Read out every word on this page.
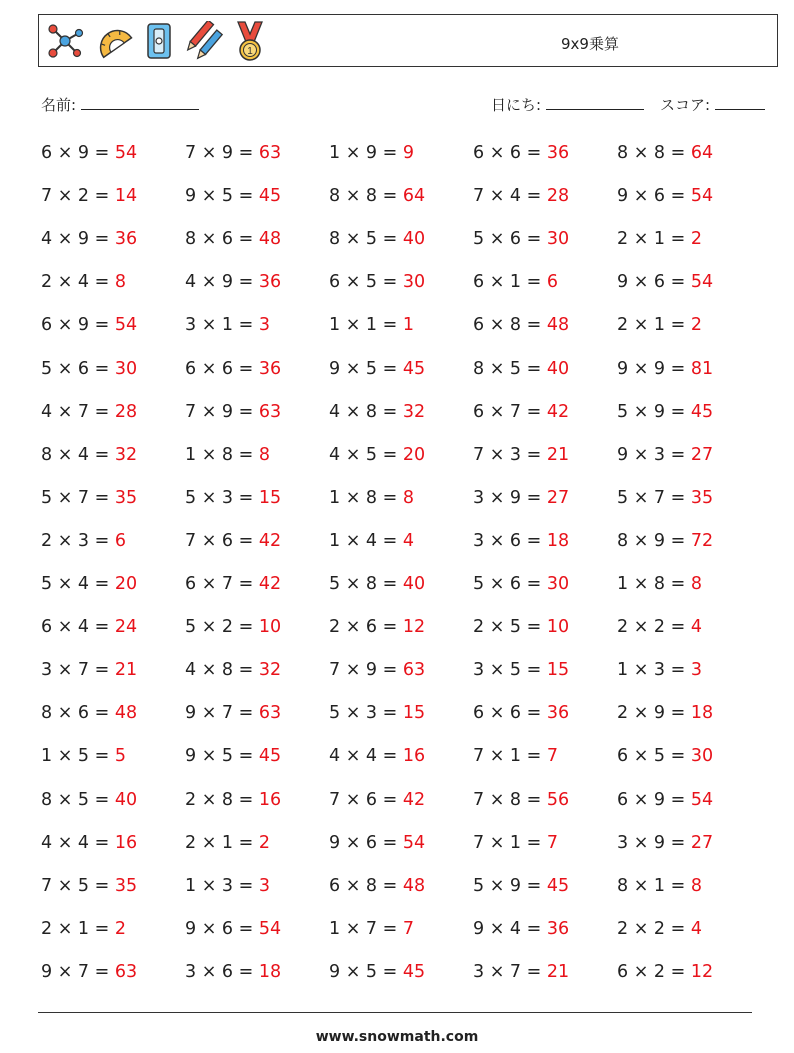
1	9x9乗算
名前:	日にち:	スコア:
6 × 9 = 54	7 × 9 = 63	1 × 9 = 9	6 × 6 = 36	8 × 8 = 64
7 × 2 = 14	9 × 5 = 45	8 × 8 = 64	7 × 4 = 28	9 × 6 = 54
4 × 9 = 36	8 × 6 = 48	8 × 5 = 40	5 × 6 = 30	2 × 1 = 2
2 × 4 = 8	4 × 9 = 36	6 × 5 = 30	6 × 1 = 6	9 × 6 = 54
6 × 9 = 54	3 × 1 = 3	1 × 1 = 1	6 × 8 = 48	2 × 1 = 2
5 × 6 = 30	6 × 6 = 36	9 × 5 = 45	8 × 5 = 40	9 × 9 = 81
4 × 7 = 28	7 × 9 = 63	4 × 8 = 32	6 × 7 = 42	5 × 9 = 45
8 × 4 = 32	1 × 8 = 8	4 × 5 = 20	7 × 3 = 21	9 × 3 = 27
5 × 7 = 35	5 × 3 = 15	1 × 8 = 8	3 × 9 = 27	5 × 7 = 35
2 × 3 = 6	7 × 6 = 42	1 × 4 = 4	3 × 6 = 18	8 × 9 = 72
5 × 4 = 20	6 × 7 = 42	5 × 8 = 40	5 × 6 = 30	1 × 8 = 8
6 × 4 = 24	5 × 2 = 10	2 × 6 = 12	2 × 5 = 10	2 × 2 = 4
3 × 7 = 21	4 × 8 = 32	7 × 9 = 63	3 × 5 = 15	1 × 3 = 3
8 × 6 = 48	9 × 7 = 63	5 × 3 = 15	6 × 6 = 36	2 × 9 = 18
1 × 5 = 5	9 × 5 = 45	4 × 4 = 16	7 × 1 = 7	6 × 5 = 30
8 × 5 = 40	2 × 8 = 16	7 × 6 = 42	7 × 8 = 56	6 × 9 = 54
4 × 4 = 16	2 × 1 = 2	9 × 6 = 54	7 × 1 = 7	3 × 9 = 27
7 × 5 = 35	1 × 3 = 3	6 × 8 = 48	5 × 9 = 45	8 × 1 = 8
2 × 1 = 2	9 × 6 = 54	1 × 7 = 7	9 × 4 = 36	2 × 2 = 4
9 × 7 = 63	3 × 6 = 18	9 × 5 = 45	3 × 7 = 21	6 × 2 = 12
www.snowmath.com
